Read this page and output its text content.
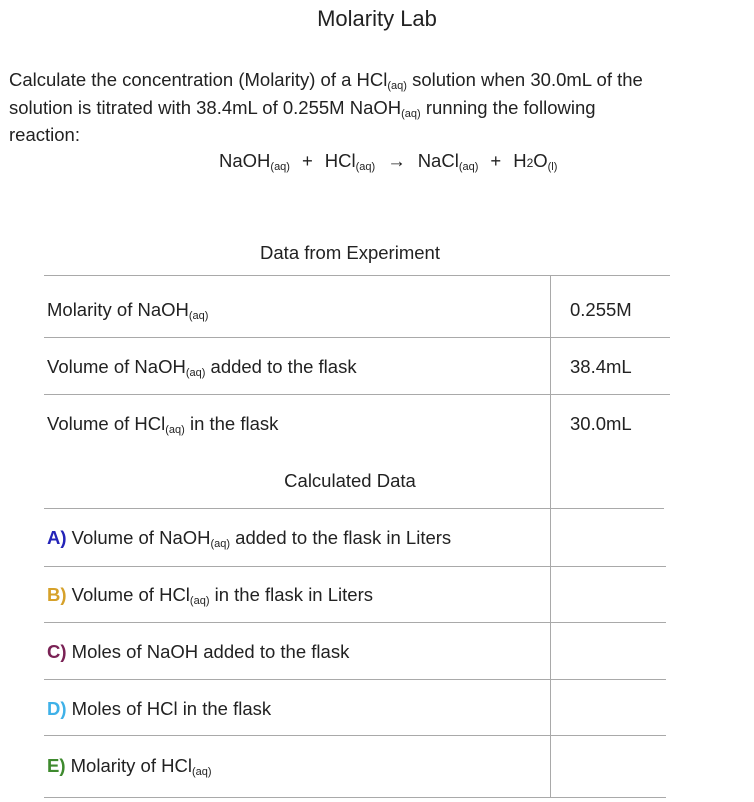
Molarity Lab
Calculate the concentration (Molarity) of a HCl$_{(aq)}$ solution when 30.0mL of the
solution is titrated with 38.4mL of 0.255M NaOH$_{(aq)}$ running the following
reaction:
NaOH$_{(aq)}$ + HCl$_{(aq)}$ → NaCl$_{(aq)}$ + $H2O_{(l)}$
Data from Experiment
Molarity of NaOH$_{(aq)}$	0.255M
Volume of NaOH$_{(aq)}$ added to the flask	38.4mL
Volume of HCl$_{(aq)}$ in the flask	30.0mL
Calculated Data
A) Volume of NaOH$_{(aq)}$ added to the flask in Liters
B) Volume of HCl$_{(aq)}$ in the flask in Liters
C) Moles of NaOH added to the flask
D) Moles of HCl in the flask
E) Molarity of HCl$_{(aq)}$
